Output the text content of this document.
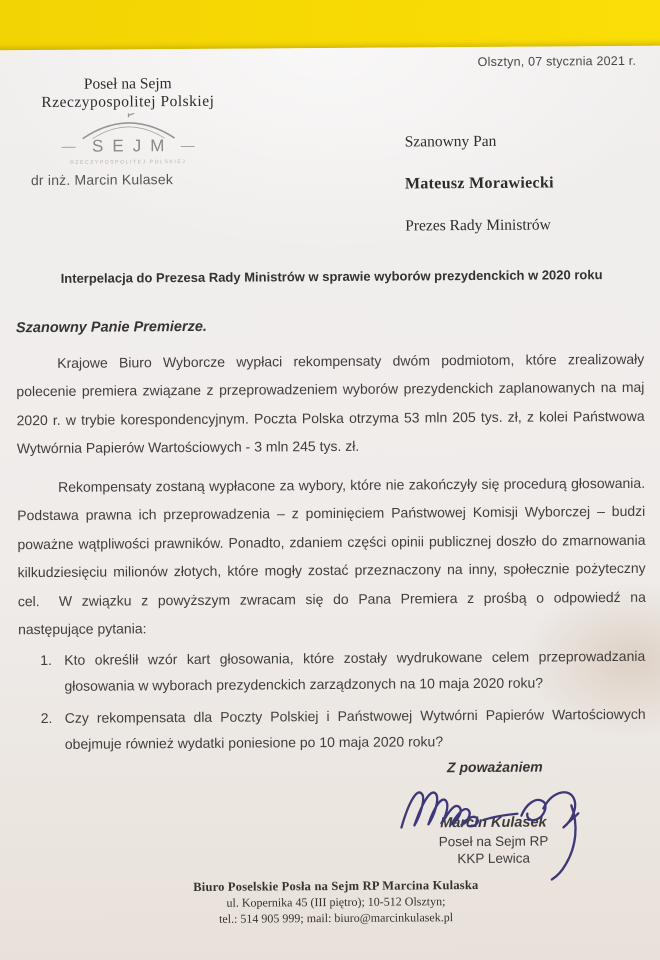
Olsztyn, 07 stycznia 2021 r.
Poseł na Sejm
Rzeczypospolitej Polskiej
SEJM
RZECZYPOSPOLITEJ POLSKIEJ
dr inż. Marcin Kulasek
Szanowny Pan
Mateusz Morawiecki
Prezes Rady Ministrów
Interpelacja do Prezesa Rady Ministrów w sprawie wyborów prezydenckich w 2020 roku
Szanowny Panie Premierze.
Krajowe Biuro Wyborcze wypłaci rekompensaty dwóm podmiotom, które zrealizowały polecenie premiera związane z przeprowadzeniem wyborów prezydenckich zaplanowanych na maj 2020 r. w trybie korespondencyjnym. Poczta Polska otrzyma 53 mln 205 tys. zł, z kolei Państwowa Wytwórnia Papierów Wartościowych - 3 mln 245 tys. zł.
Rekompensaty zostaną wypłacone za wybory, które nie zakończyły się procedurą głosowania. Podstawa prawna ich przeprowadzenia – z pominięciem Państwowej Komisji Wyborczej – budzi poważne wątpliwości prawników. Ponadto, zdaniem części opinii publicznej doszło do zmarnowania kilkudziesięciu milionów złotych, które mogły zostać przeznaczony na inny, społecznie pożyteczny cel.	W związku z powyższym zwracam się do Pana Premiera z prośbą o odpowiedź na następujące pytania:
1. Kto określił wzór kart głosowania, które zostały wydrukowane celem przeprowadzania głosowania w wyborach prezydenckich zarządzonych na 10 maja 2020 roku?
2. Czy rekompensata dla Poczty Polskiej i Państwowej Wytwórni Papierów Wartościowych obejmuje również wydatki poniesione po 10 maja 2020 roku?
Z poważaniem
Marcin Kulasek
Poseł na Sejm RP
KKP Lewica
Biuro Poselskie Posła na Sejm RP Marcina Kulaska
ul. Kopernika 45 (III piętro); 10-512 Olsztyn;
tel.: 514 905 999; mail: biuro@marcinkulasek.pl
